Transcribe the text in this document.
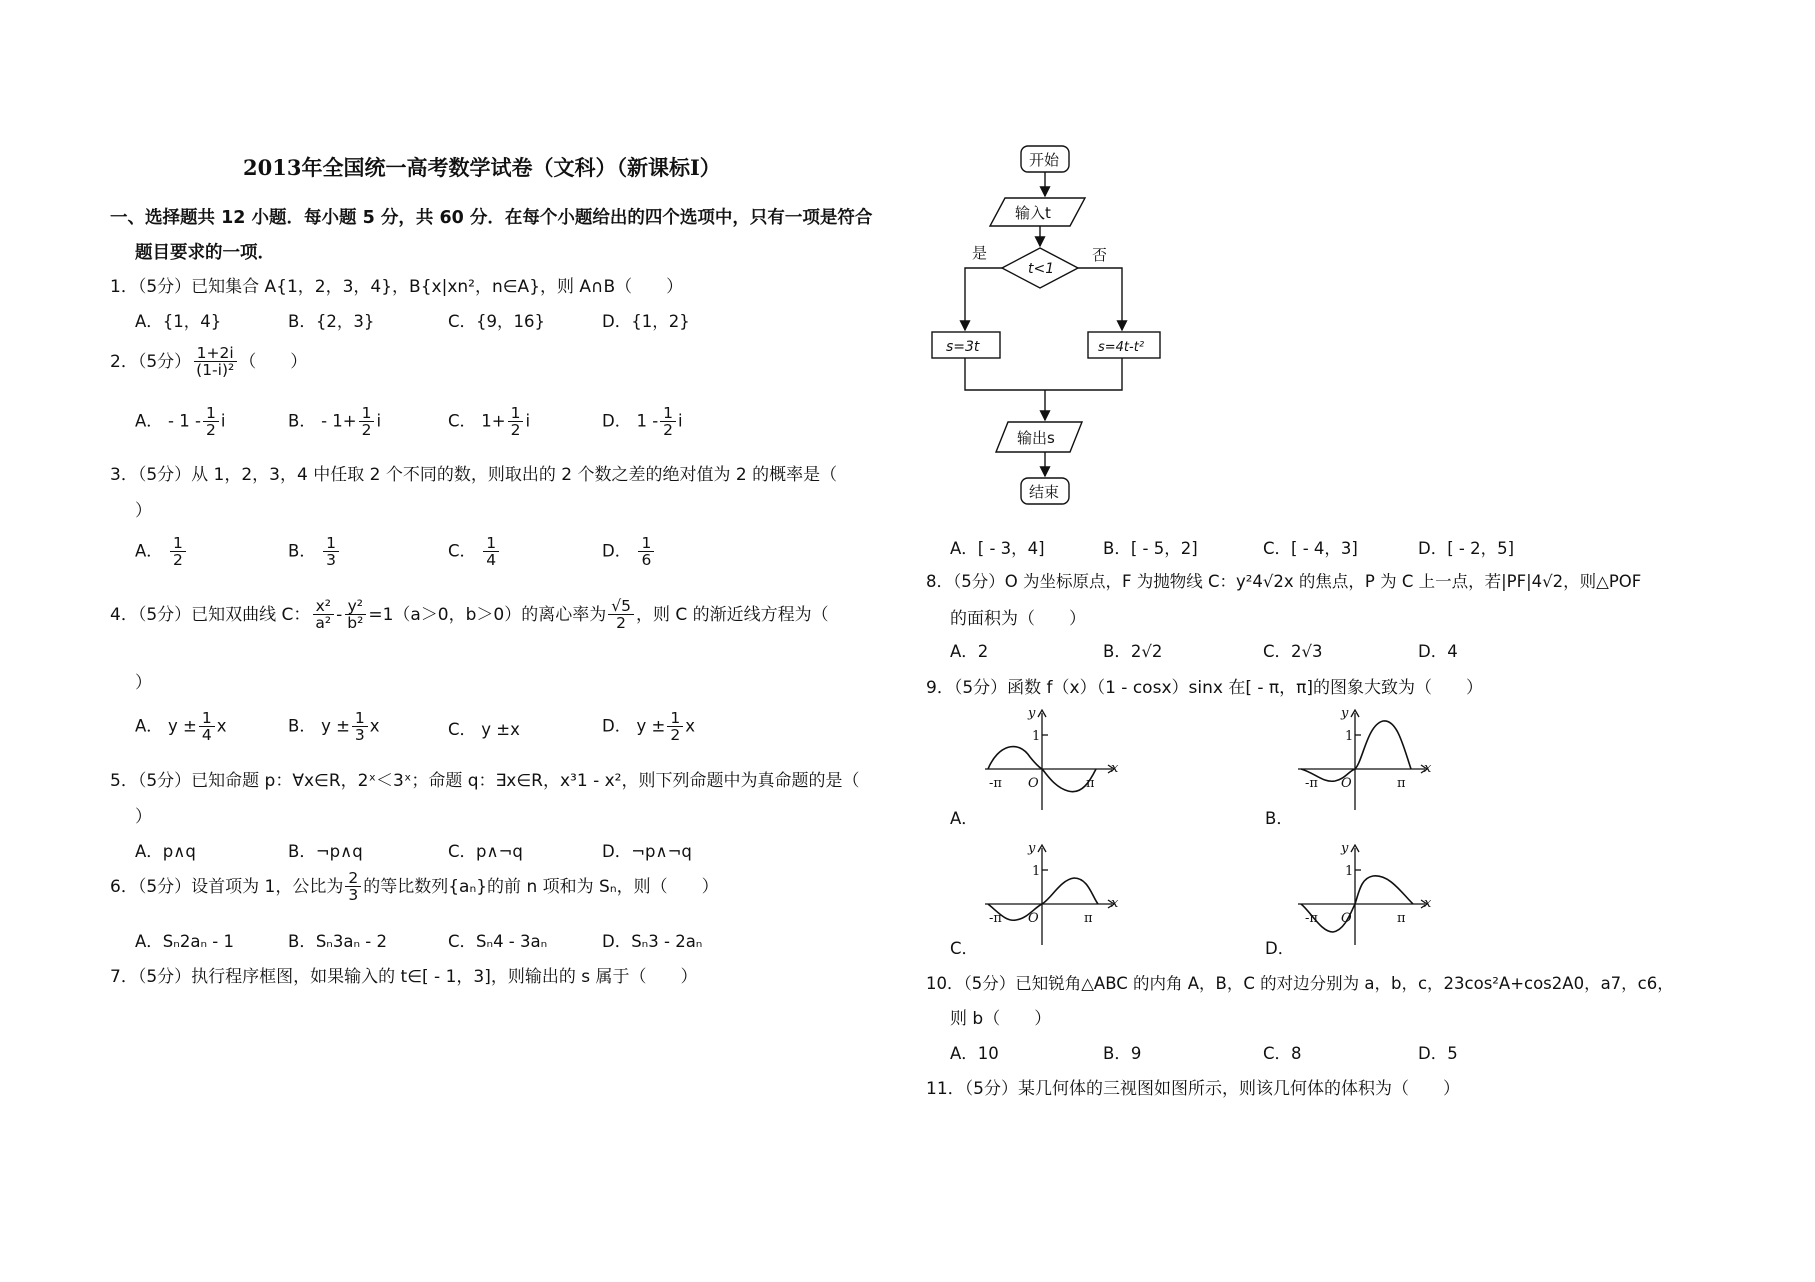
2013年全国统一高考数学试卷（文科）（新课标I）
一、选择题共 12 小题．每小题 5 分，共 60 分．在每个小题给出的四个选项中，只有一项是符合
题目要求的一项．
1．（5分）已知集合 A{1，2，3，4}，B{x|xn²，n∈A}，则 A∩B（　　）
A．{1，4}	B．{2，3}	C．{9，16}	D．{1，2}
2．（5分） $\frac{1+2i}{\text{(1-i)²}}$ （　　）
A． - $1 - \frac{1}{2}$ i	B． - $1+ \frac{1}{2}$ i	C． $1+ \frac{1}{2}$ i	D． $1 - \frac{1}{2}$ i
3．（5分）从 1，2，3，4 中任取 2 个不同的数，则取出的 2 个数之差的绝对值为 2 的概率是（
）
A． $\frac{1}{2}$	B． $\frac{1}{3}$	C． $\frac{1}{4}$	D． $\frac{1}{6}$
4．（5分）已知双曲线 C： $\frac{\text{x²}}{\text{a²}} - \frac{\text{y²}}{\text{b²}} =1(a>0$，b＞0）的离心率为 $\frac{√5}{2}$ ，则 C 的渐近线方程为（
）
A． $y \pm \frac{1}{4}$ x	B． $y \pm \frac{1}{3}$ x	C． y ±x	D． $y \pm \frac{1}{2}$ x
5．（5分）已知命题 p：∀x∈R，2ˣ＜3ˣ；命题 q：∃x∈R，x³1 - x²，则下列命题中为真命题的是（
）
A．p∧q	B．¬p∧q	C．p∧¬q	D．¬p∧¬q
6．（5分）设首项为 1，公比为 $\frac{2}{3}$ 的等比数列{aₙ}的前 n 项和为 Sₙ，则（　　）
A．Sₙ2aₙ - 1	B．Sₙ3aₙ - 2	C．Sₙ4 - 3aₙ	D．Sₙ3 - 2aₙ
7．（5分）执行程序框图，如果输入的 t∈[ - 1，3]，则输出的 s 属于（　　）
开始
输入t
t<1
是	否
s=3t	s=4t-t²
输出s
结束
A．[ - 3，4]	B．[ - 5，2]	C．[ - 4，3]	D．[ - 2，5]
8．（5分）O 为坐标原点，F 为抛物线 C：y²4√2x 的焦点，P 为 C 上一点，若|PF|4√2，则△POF
的面积为（　　）
A．2	B．2√2	C．2√3	D．4
9．（5分）函数 f（x）（1 - cosx）sinx 在[ - π，π]的图象大致为（　　）
y
x
1
O
-π	π
A．
y
x
1
O
-π	π
B．
y
x
1
O
-π	π
C．
y
x
1
O
-π	π
D．
10．（5分）已知锐角△ABC 的内角 A，B，C 的对边分别为 a，b，c，23cos²A+cos2A0，a7，c6，
则 b（　　）
A．10	B．9	C．8	D．5
11．（5分）某几何体的三视图如图所示，则该几何体的体积为（　　）
